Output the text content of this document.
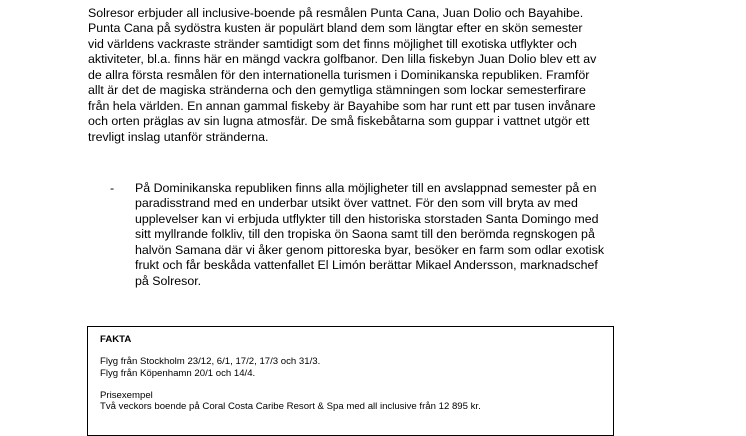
Solresor erbjuder all inclusive-boende på resmålen Punta Cana, Juan Dolio och Bayahibe.
Punta Cana på sydöstra kusten är populärt bland dem som längtar efter en skön semester
vid världens vackraste stränder samtidigt som det finns möjlighet till exotiska utflykter och
aktiviteter, bl.a. finns här en mängd vackra golfbanor. Den lilla fiskebyn Juan Dolio blev ett av
de allra första resmålen för den internationella turismen i Dominikanska republiken. Framför
allt är det de magiska stränderna och den gemytliga stämningen som lockar semesterfirare
från hela världen. En annan gammal fiskeby är Bayahibe som har runt ett par tusen invånare
och orten präglas av sin lugna atmosfär. De små fiskebåtarna som guppar i vattnet utgör ett
trevligt inslag utanför stränderna.
- På Dominikanska republiken finns alla möjligheter till en avslappnad semester på en
paradisstrand med en underbar utsikt över vattnet. För den som vill bryta av med
upplevelser kan vi erbjuda utflykter till den historiska storstaden Santa Domingo med
sitt myllrande folkliv, till den tropiska ön Saona samt till den berömda regnskogen på
halvön Samana där vi åker genom pittoreska byar, besöker en farm som odlar exotisk
frukt och får beskåda vattenfallet El Limón berättar Mikael Andersson, marknadschef
på Solresor.
FAKTA
Flyg från Stockholm 23/12, 6/1, 17/2, 17/3 och 31/3.
Flyg från Köpenhamn 20/1 och 14/4.
Prisexempel
Två veckors boende på Coral Costa Caribe Resort & Spa med all inclusive från 12 895 kr.
